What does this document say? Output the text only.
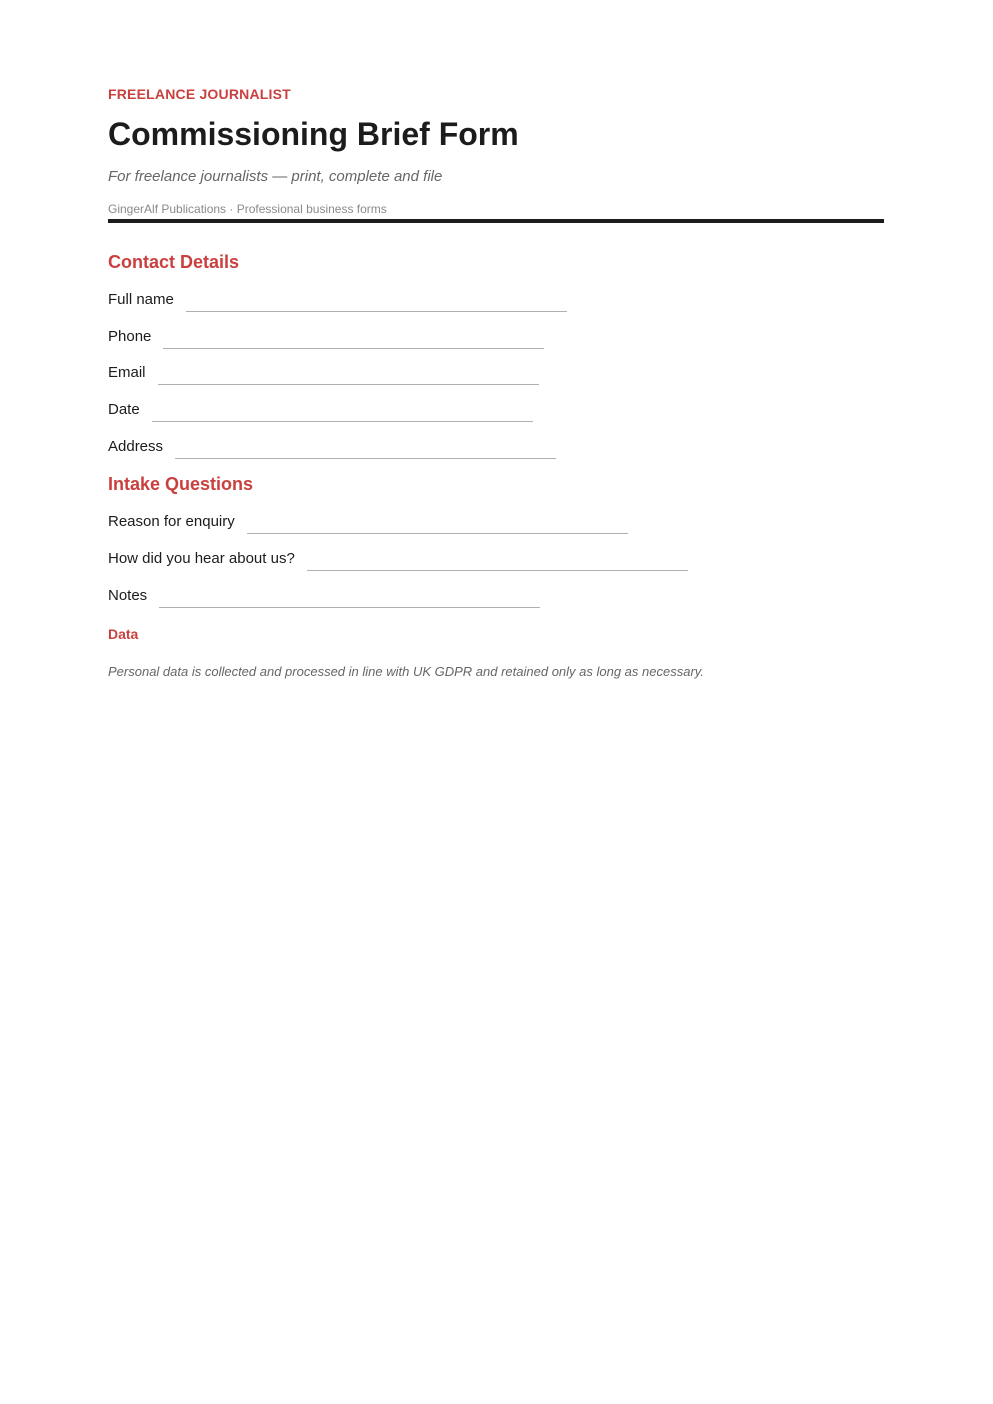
FREELANCE JOURNALIST
Commissioning Brief Form
For freelance journalists — print, complete and file
GingerAlf Publications · Professional business forms
Contact Details
Full name
Phone
Email
Date
Address
Intake Questions
Reason for enquiry
How did you hear about us?
Notes
Data
Personal data is collected and processed in line with UK GDPR and retained only as long as necessary.
